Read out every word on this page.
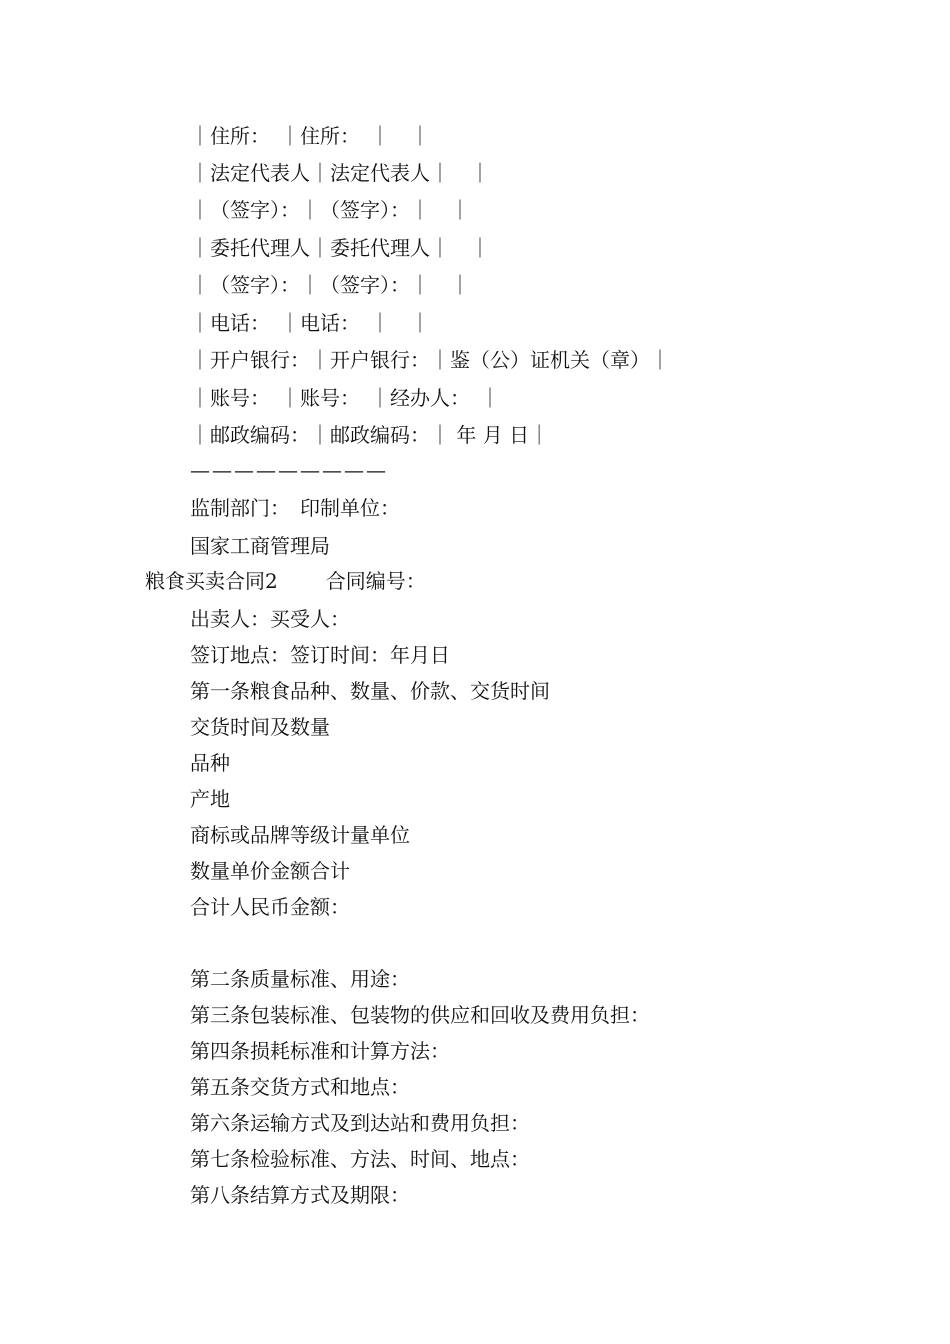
｜住所：　｜住所：　｜　｜
｜法定代表人｜法定代表人｜　｜
｜（签字）：｜（签字）：｜　｜
｜委托代理人｜委托代理人｜　｜
｜（签字）：｜（签字）：｜　｜
｜电话：　｜电话：　｜　｜
｜开户银行：｜开户银行：｜鉴（公）证机关（章）｜
｜账号：　｜账号：　｜经办人：　｜
｜邮政编码：｜邮政编码：｜ 年 月 日｜
—————————
监制部门：　印制单位：
国家工商管理局
粮食买卖合同2 合同编号：
出卖人：买受人：
签订地点：签订时间：年月日
第一条粮食品种、数量、价款、交货时间
交货时间及数量
品种
产地
商标或品牌等级计量单位
数量单价金额合计
合计人民币金额：
第二条质量标准、用途：
第三条包装标准、包装物的供应和回收及费用负担：
第四条损耗标准和计算方法：
第五条交货方式和地点：
第六条运输方式及到达站和费用负担：
第七条检验标准、方法、时间、地点：
第八条结算方式及期限：
